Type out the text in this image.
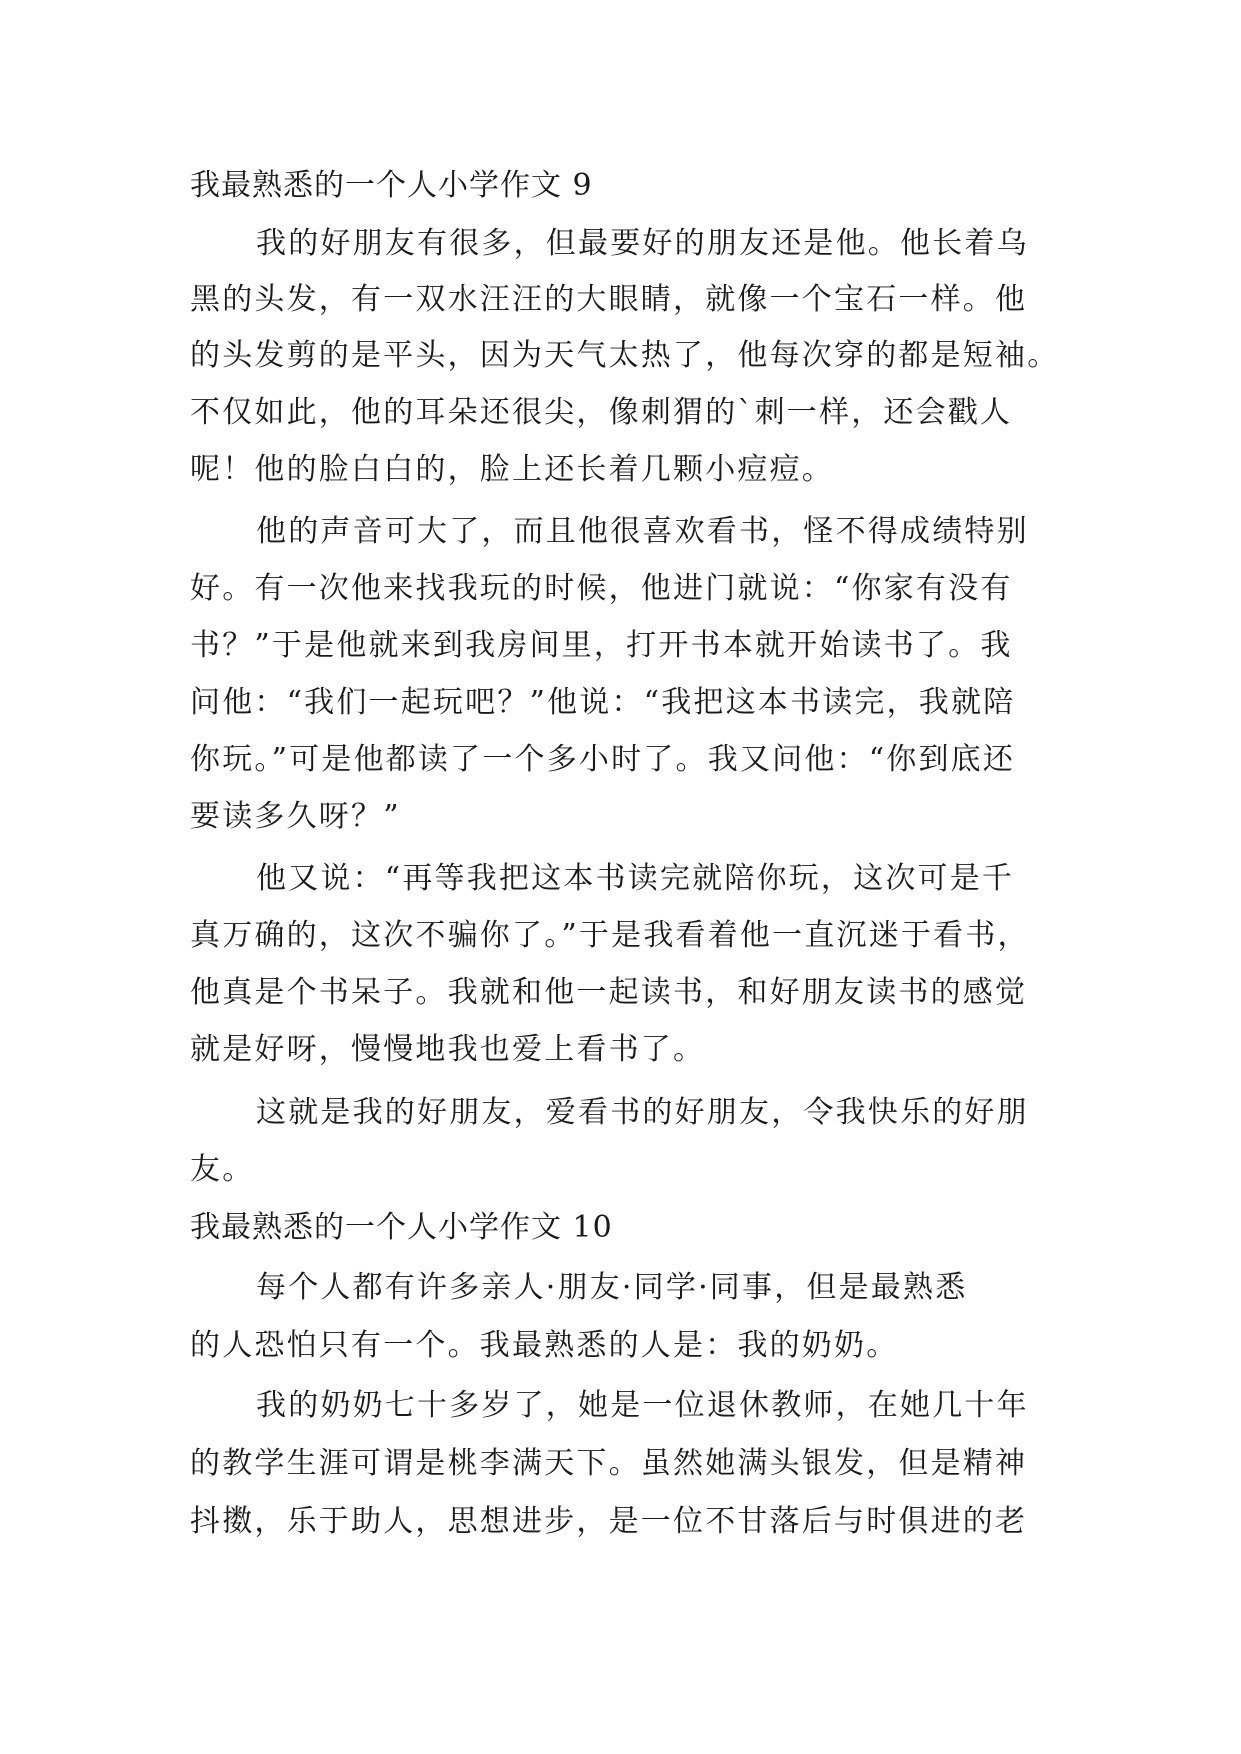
我最熟悉的一个人小学作文 9
我的好朋友有很多，但最要好的朋友还是他。他长着乌
黑的头发，有一双水汪汪的大眼睛，就像一个宝石一样。他
的头发剪的是平头，因为天气太热了，他每次穿的都是短袖。
不仅如此，他的耳朵还很尖，像刺猬的`刺一样，还会戳人
呢！他的脸白白的，脸上还长着几颗小痘痘。
他的声音可大了，而且他很喜欢看书，怪不得成绩特别
好。有一次他来找我玩的时候，他进门就说：“你家有没有
书？”于是他就来到我房间里，打开书本就开始读书了。我
问他：“我们一起玩吧？”他说：“我把这本书读完，我就陪
你玩。”可是他都读了一个多小时了。我又问他：“你到底还
要读多久呀？”
他又说：“再等我把这本书读完就陪你玩，这次可是千
真万确的，这次不骗你了。”于是我看着他一直沉迷于看书，
他真是个书呆子。我就和他一起读书，和好朋友读书的感觉
就是好呀，慢慢地我也爱上看书了。
这就是我的好朋友，爱看书的好朋友，令我快乐的好朋
友。
我最熟悉的一个人小学作文 10
每个人都有许多亲人·朋友·同学·同事，但是最熟悉
的人恐怕只有一个。我最熟悉的人是：我的奶奶。
我的奶奶七十多岁了，她是一位退休教师，在她几十年
的教学生涯可谓是桃李满天下。虽然她满头银发，但是精神
抖擞，乐于助人，思想进步，是一位不甘落后与时俱进的老
